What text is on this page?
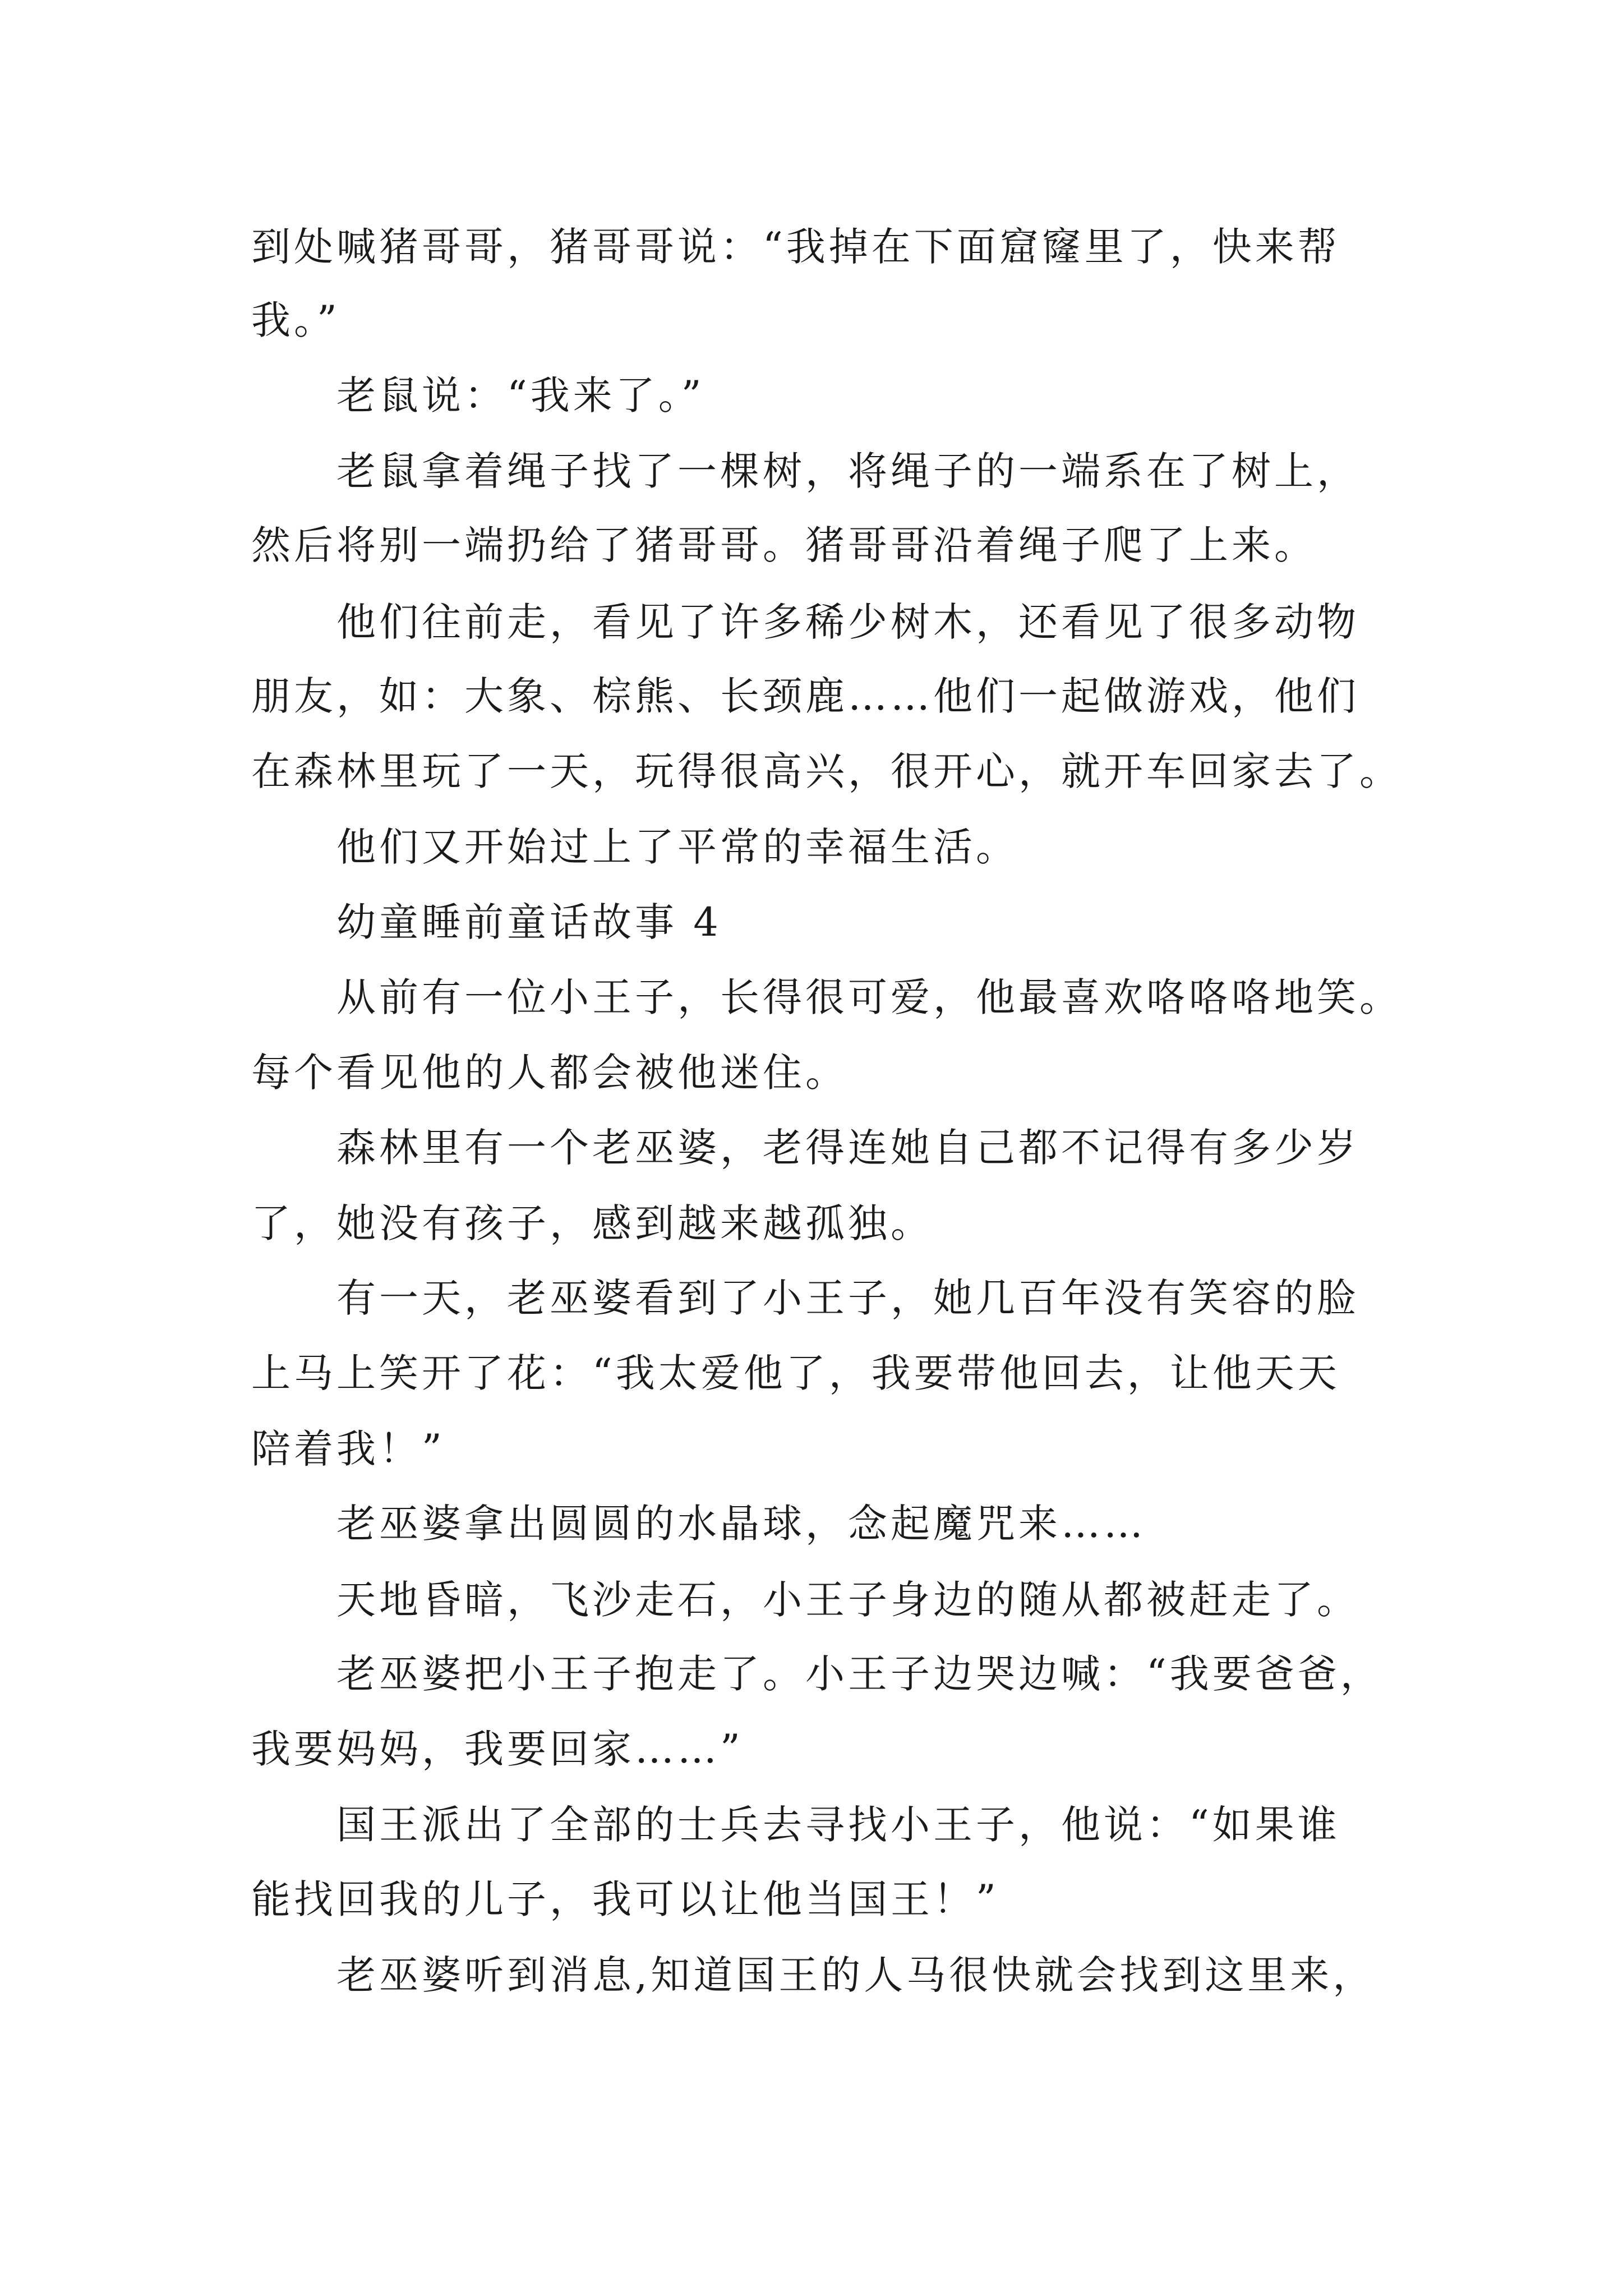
到处喊猪哥哥，猪哥哥说：“我掉在下面窟窿里了，快来帮
我。”
老鼠说：“我来了。”
老鼠拿着绳子找了一棵树，将绳子的一端系在了树上，
然后将别一端扔给了猪哥哥。猪哥哥沿着绳子爬了上来。
他们往前走，看见了许多稀少树木，还看见了很多动物
朋友，如：大象、棕熊、长颈鹿……他们一起做游戏，他们
在森林里玩了一天，玩得很高兴，很开心，就开车回家去了。
他们又开始过上了平常的幸福生活。
幼童睡前童话故事 4
从前有一位小王子，长得很可爱，他最喜欢咯咯咯地笑。
每个看见他的人都会被他迷住。
森林里有一个老巫婆，老得连她自己都不记得有多少岁
了，她没有孩子，感到越来越孤独。
有一天，老巫婆看到了小王子，她几百年没有笑容的脸
上马上笑开了花：“我太爱他了，我要带他回去，让他天天
陪着我！”
老巫婆拿出圆圆的水晶球，念起魔咒来……
天地昏暗，飞沙走石，小王子身边的随从都被赶走了。
老巫婆把小王子抱走了。小王子边哭边喊：“我要爸爸，
我要妈妈，我要回家……”
国王派出了全部的士兵去寻找小王子，他说：“如果谁
能找回我的儿子，我可以让他当国王！”
老巫婆听到消息,知道国王的人马很快就会找到这里来，
